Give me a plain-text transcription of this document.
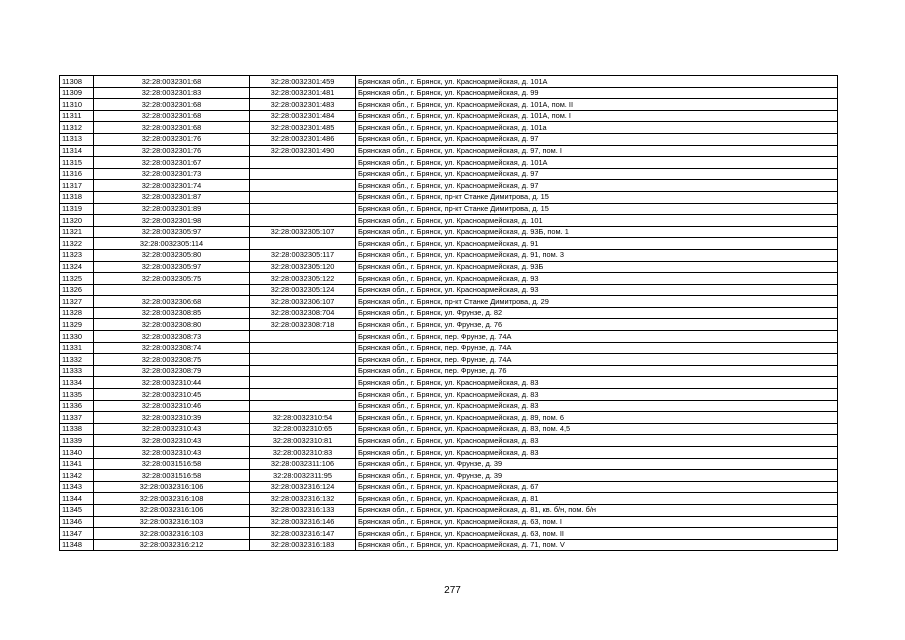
11308	32:28:0032301:68	32:28:0032301:459	Брянская обл., г. Брянск, ул. Красноармейская, д. 101А
11309	32:28:0032301:83	32:28:0032301:481	Брянская обл., г. Брянск, ул. Красноармейская, д. 99
11310	32:28:0032301:68	32:28:0032301:483	Брянская обл., г. Брянск, ул. Красноармейская, д. 101А, пом. II
11311	32:28:0032301:68	32:28:0032301:484	Брянская обл., г. Брянск, ул. Красноармейская, д. 101А, пом. I
11312	32:28:0032301:68	32:28:0032301:485	Брянская обл., г. Брянск, ул. Красноармейская, д. 101а
11313	32:28:0032301:76	32:28:0032301:486	Брянская обл., г. Брянск, ул. Красноармейская, д. 97
11314	32:28:0032301:76	32:28:0032301:490	Брянская обл., г. Брянск, ул. Красноармейская, д. 97, пом. I
11315	32:28:0032301:67		Брянская обл., г. Брянск, ул. Красноармейская, д. 101А
11316	32:28:0032301:73		Брянская обл., г. Брянск, ул. Красноармейская, д. 97
11317	32:28:0032301:74		Брянская обл., г. Брянск, ул. Красноармейская, д. 97
11318	32:28:0032301:87		Брянская обл., г. Брянск, пр-кт Станке Димитрова, д. 15
11319	32:28:0032301:89		Брянская обл., г. Брянск, пр-кт Станке Димитрова, д. 15
11320	32:28:0032301:98		Брянская обл., г. Брянск, ул. Красноармейская, д. 101
11321	32:28:0032305:97	32:28:0032305:107	Брянская обл., г. Брянск, ул. Красноармейская, д. 93Б, пом. 1
11322	32:28:0032305:114		Брянская обл., г. Брянск, ул. Красноармейская, д. 91
11323	32:28:0032305:80	32:28:0032305:117	Брянская обл., г. Брянск, ул. Красноармейская, д. 91, пом. 3
11324	32:28:0032305:97	32:28:0032305:120	Брянская обл., г. Брянск, ул. Красноармейская, д. 93Б
11325	32:28:0032305:75	32:28:0032305:122	Брянская обл., г. Брянск, ул. Красноармейская, д. 93
11326		32:28:0032305:124	Брянская обл., г. Брянск, ул. Красноармейская, д. 93
11327	32:28:0032306:68	32:28:0032306:107	Брянская обл., г. Брянск, пр-кт Станке Димитрова, д. 29
11328	32:28:0032308:85	32:28:0032308:704	Брянская обл., г. Брянск, ул. Фрунзе, д. 82
11329	32:28:0032308:80	32:28:0032308:718	Брянская обл., г. Брянск, ул. Фрунзе, д. 76
11330	32:28:0032308:73		Брянская обл., г. Брянск, пер. Фрунзе, д. 74А
11331	32:28:0032308:74		Брянская обл., г. Брянск, пер. Фрунзе, д. 74А
11332	32:28:0032308:75		Брянская обл., г. Брянск, пер. Фрунзе, д. 74А
11333	32:28:0032308:79		Брянская обл., г. Брянск, пер. Фрунзе, д. 76
11334	32:28:0032310:44		Брянская обл., г. Брянск, ул. Красноармейская, д. 83
11335	32:28:0032310:45		Брянская обл., г. Брянск, ул. Красноармейская, д. 83
11336	32:28:0032310:46		Брянская обл., г. Брянск, ул. Красноармейская, д. 83
11337	32:28:0032310:39	32:28:0032310:54	Брянская обл., г. Брянск, ул. Красноармейская, д. 89, пом. 6
11338	32:28:0032310:43	32:28:0032310:65	Брянская обл., г. Брянск, ул. Красноармейская, д. 83, пом. 4,5
11339	32:28:0032310:43	32:28:0032310:81	Брянская обл., г. Брянск, ул. Красноармейская, д. 83
11340	32:28:0032310:43	32:28:0032310:83	Брянская обл., г. Брянск, ул. Красноармейская, д. 83
11341	32:28:0031516:58	32:28:0032311:106	Брянская обл., г. Брянск, ул. Фрунзе, д. 39
11342	32:28:0031516:58	32:28:0032311:95	Брянская обл., г. Брянск, ул. Фрунзе, д. 39
11343	32:28:0032316:106	32:28:0032316:124	Брянская обл., г. Брянск, ул. Красноармейская, д. 67
11344	32:28:0032316:108	32:28:0032316:132	Брянская обл., г. Брянск, ул. Красноармейская, д. 81
11345	32:28:0032316:106	32:28:0032316:133	Брянская обл., г. Брянск, ул. Красноармейская, д. 81, кв. б/н, пом. б/н
11346	32:28:0032316:103	32:28:0032316:146	Брянская обл., г. Брянск, ул. Красноармейская, д. 63, пом. I
11347	32:28:0032316:103	32:28:0032316:147	Брянская обл., г. Брянск, ул. Красноармейская, д. 63, пом. II
11348	32:28:0032316:212	32:28:0032316:183	Брянская обл., г. Брянск, ул. Красноармейская, д. 71, пом. V
277
